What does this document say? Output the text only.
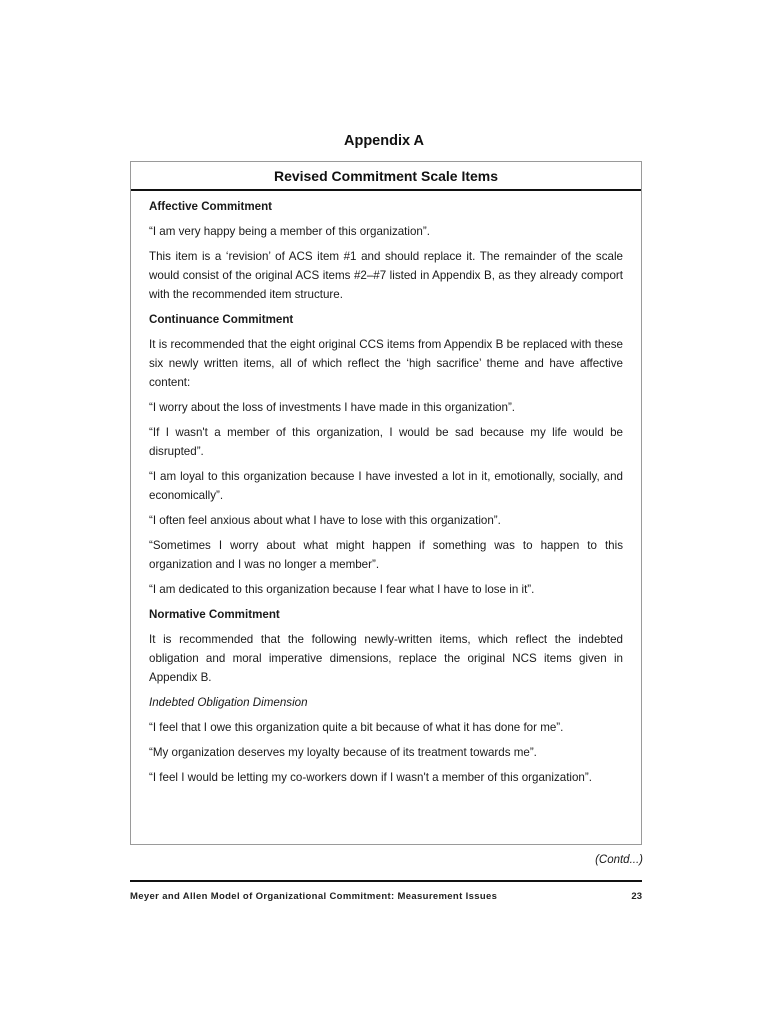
Appendix A
Revised Commitment Scale Items

Affective Commitment

“I am very happy being a member of this organization”.

This item is a ‘revision’ of ACS item #1 and should replace it. The remainder of the scale would consist of the original ACS items #2–#7 listed in Appendix B, as they already comport with the recommended item structure.

Continuance Commitment

It is recommended that the eight original CCS items from Appendix B be replaced with these six newly written items, all of which reflect the ‘high sacrifice’ theme and have affective content:

“I worry about the loss of investments I have made in this organization”.

“If I wasn't a member of this organization, I would be sad because my life would be disrupted”.

“I am loyal to this organization because I have invested a lot in it, emotionally, socially, and economically”.

“I often feel anxious about what I have to lose with this organization”.

“Sometimes I worry about what might happen if something was to happen to this organization and I was no longer a member”.

“I am dedicated to this organization because I fear what I have to lose in it”.

Normative Commitment

It is recommended that the following newly-written items, which reflect the indebted obligation and moral imperative dimensions, replace the original NCS items given in Appendix B.

Indebted Obligation Dimension

“I feel that I owe this organization quite a bit because of what it has done for me”.

“My organization deserves my loyalty because of its treatment towards me”.

“I feel I would be letting my co-workers down if I wasn't a member of this organization”.

(Contd...)
Meyer and Allen Model of Organizational Commitment: Measurement Issues	23
